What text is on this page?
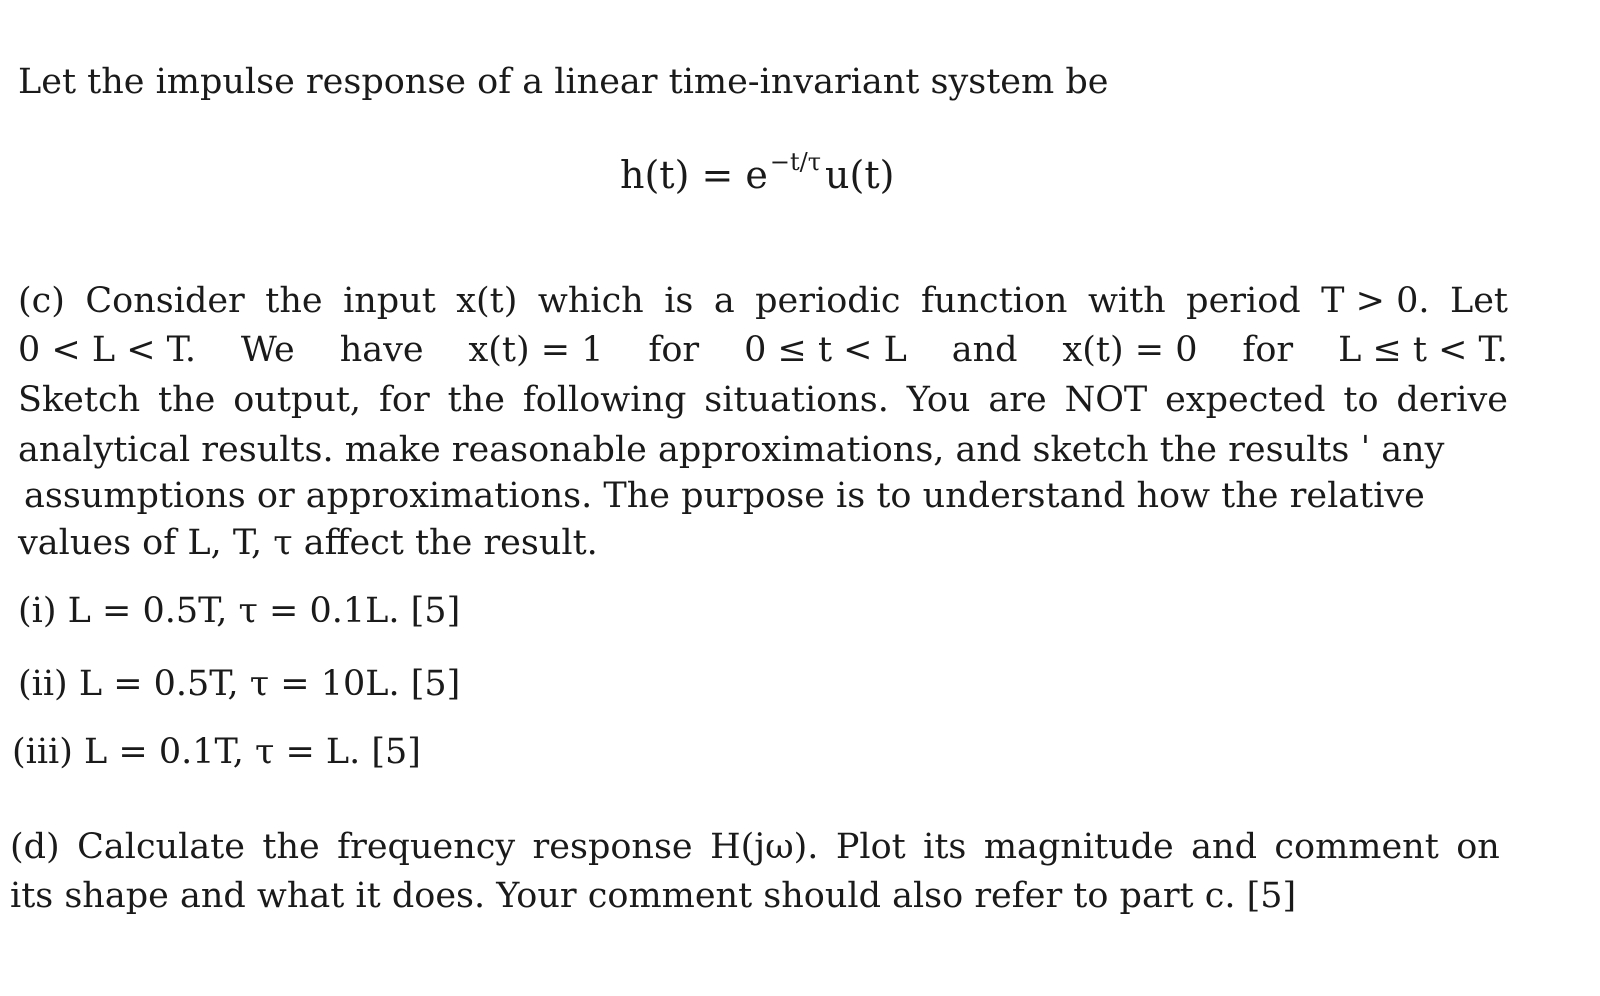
Let the impulse response of a linear time-invariant system be
$h(t) = e^{-t/\tau}$ u(t)
(c) Consider the input x(t) which is a periodic function with period T > 0. Let
0 < L < T. We have x(t) = 1 for 0 ≤ t < L and x(t) = 0 for L ≤ t < T.
Sketch the output, for the following situations. You are NOT expected to derive
analytical results. make reasonable approximations, and sketch the results ˈ any
assumptions or approximations. The purpose is to understand how the relative
values of L, T, τ affect the result.
(i) L = 0.5T, τ = 0.1L. [5]
(ii) L = 0.5T, τ = 10L. [5]
(iii) L = 0.1T, τ = L. [5]
(d) Calculate the frequency response H(jω). Plot its magnitude and comment on
its shape and what it does. Your comment should also refer to part c. [5]
